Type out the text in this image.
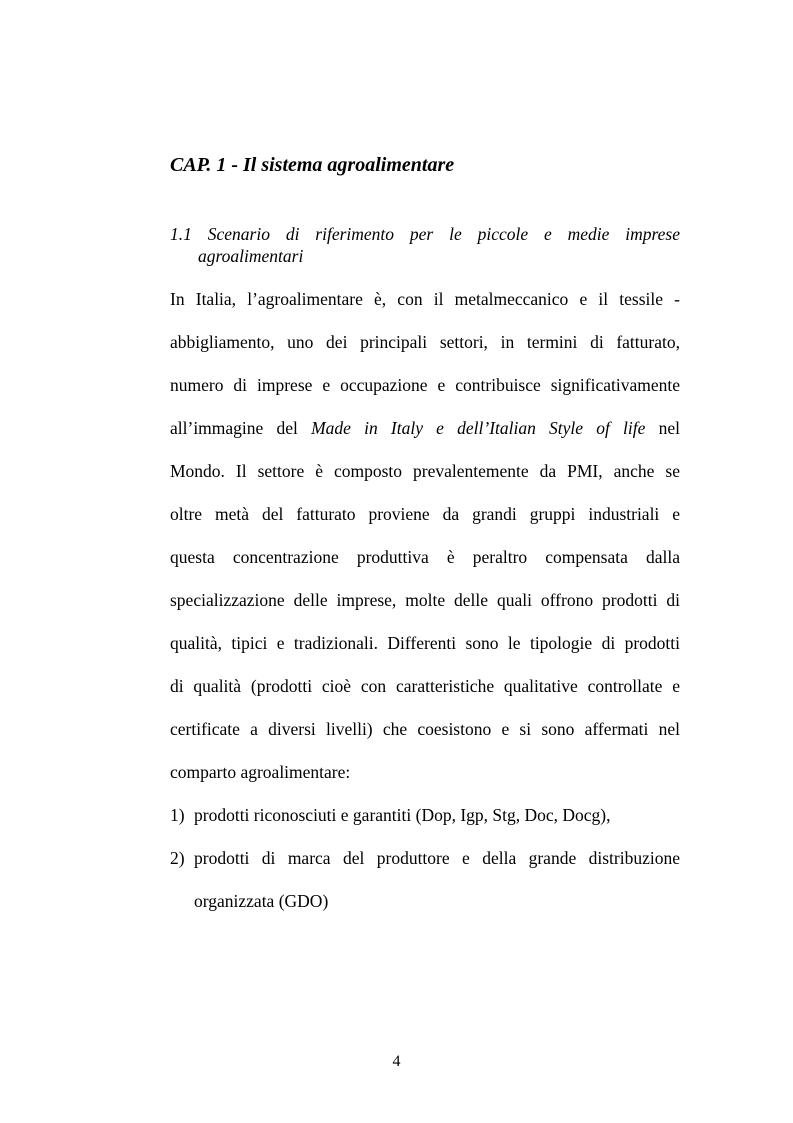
CAP. 1 - Il sistema agroalimentare
1.1 Scenario di riferimento per le piccole e medie imprese
agroalimentari
In Italia, l’agroalimentare è, con il metalmeccanico e il tessile -
abbigliamento, uno dei principali settori, in termini di fatturato,
numero di imprese e occupazione e contribuisce significativamente
all’immagine del Made in Italy e dell’Italian Style of life nel
Mondo. Il settore è composto prevalentemente da PMI, anche se
oltre metà del fatturato proviene da grandi gruppi industriali e
questa concentrazione produttiva è peraltro compensata dalla
specializzazione delle imprese, molte delle quali offrono prodotti di
qualità, tipici e tradizionali. Differenti sono le tipologie di prodotti
di qualità (prodotti cioè con caratteristiche qualitative controllate e
certificate a diversi livelli) che coesistono e si sono affermati nel
comparto agroalimentare:
1) prodotti riconosciuti e garantiti (Dop, Igp, Stg, Doc, Docg),
2) prodotti di marca del produttore e della grande distribuzione
organizzata (GDO)
4
